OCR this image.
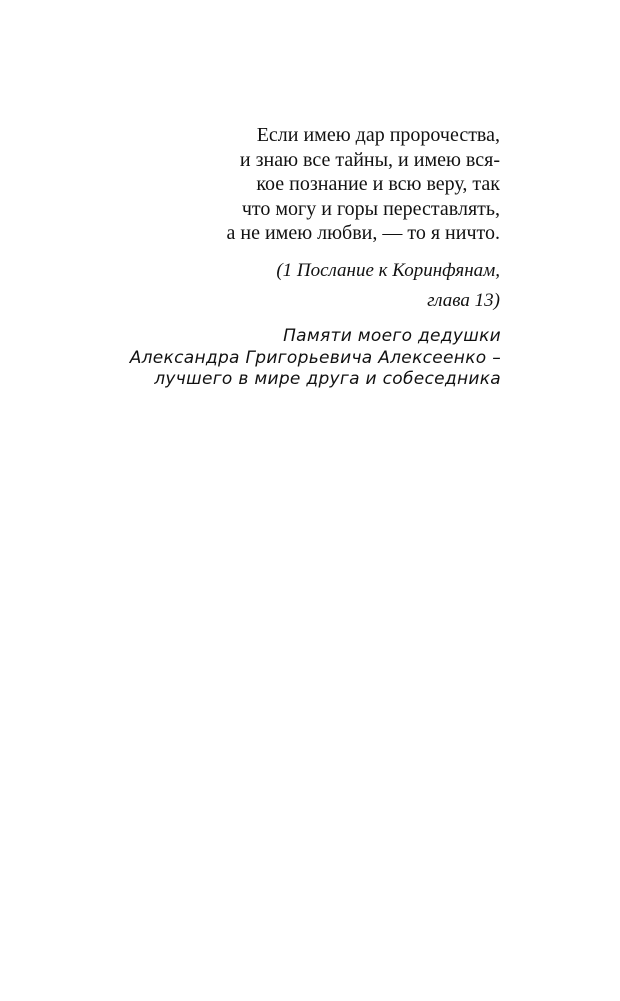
Если имею дар пророчества,
и знаю все тайны, и имею вся-
кое познание и всю веру, так
что могу и горы переставлять,
а не имею любви, — то я ничто.
(1 Послание к Коринфянам,
глава 13)
Памяти моего дедушки
Александра Григорьевича Алексеенко –
лучшего в мире друга и собеседника
